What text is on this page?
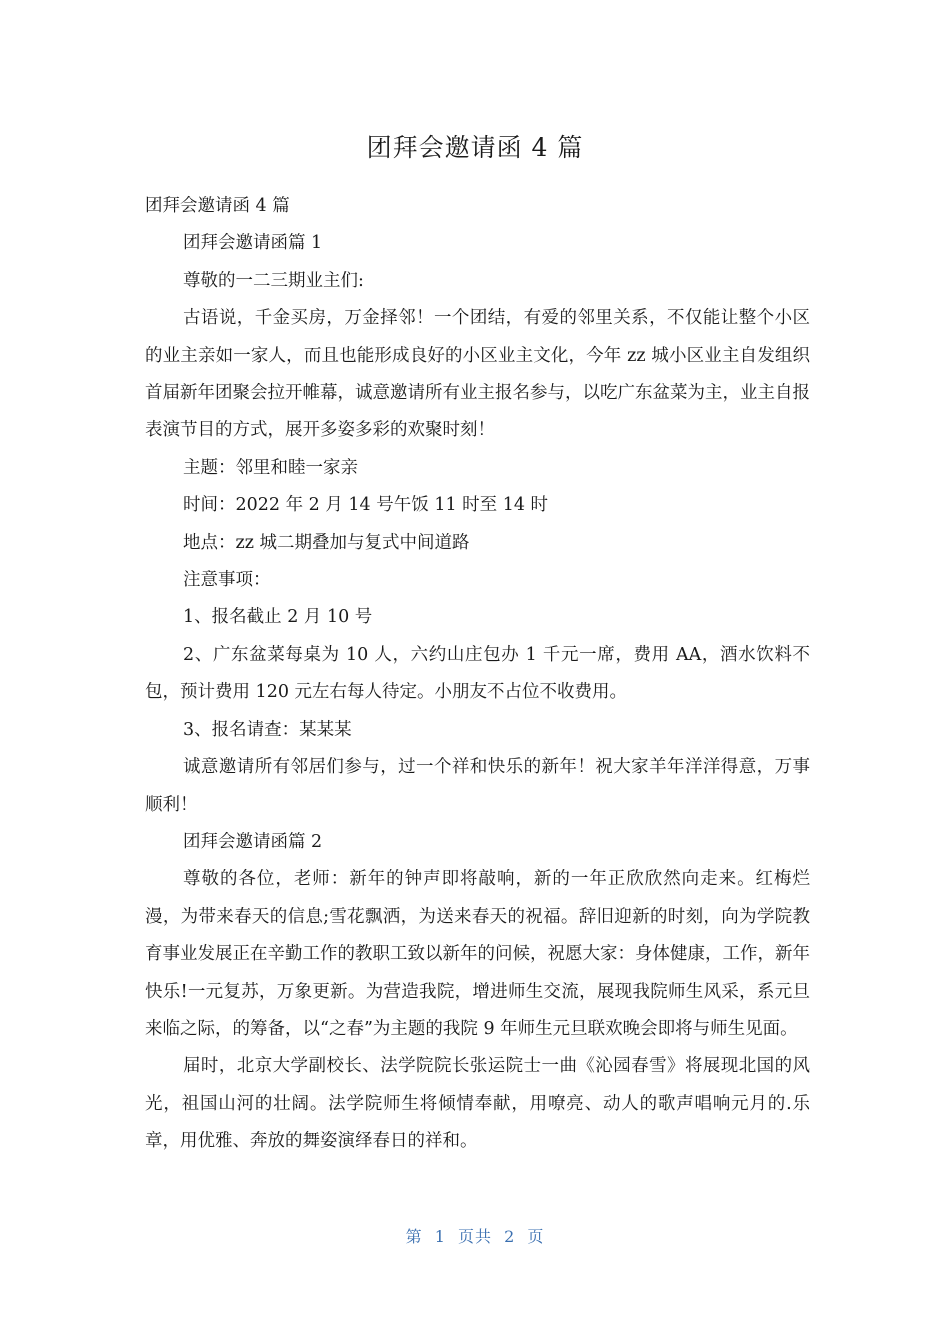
团拜会邀请函 4 篇

团拜会邀请函 4 篇

团拜会邀请函篇 1

尊敬的一二三期业主们:

古语说，千金买房，万金择邻！一个团结，有爱的邻里关系，不仅能让整个小区的业主亲如一家人，而且也能形成良好的小区业主文化，今年 zz 城小区业主自发组织首届新年团聚会拉开帷幕，诚意邀请所有业主报名参与，以吃广东盆菜为主，业主自报表演节目的方式，展开多姿多彩的欢聚时刻！

主题：邻里和睦一家亲

时间：2022 年 2 月 14 号午饭 11 时至 14 时

地点：zz 城二期叠加与复式中间道路

注意事项：

1、报名截止 2 月 10 号

2、广东盆菜每桌为 10 人，六约山庄包办 1 千元一席，费用 AA，酒水饮料不包，预计费用 120 元左右每人待定。小朋友不占位不收费用。

3、报名请查：某某某

诚意邀请所有邻居们参与，过一个祥和快乐的新年！祝大家羊年洋洋得意，万事顺利！

团拜会邀请函篇 2

尊敬的各位，老师：新年的钟声即将敲响，新的一年正欣欣然向走来。红梅烂漫，为带来春天的信息;雪花飘洒，为送来春天的祝福。辞旧迎新的时刻，向为学院教育事业发展正在辛勤工作的教职工致以新年的问候，祝愿大家：身体健康，工作，新年快乐!一元复苏，万象更新。为营造我院，增进师生交流，展现我院师生风采，系元旦来临之际，的筹备，以“之春”为主题的我院 9 年师生元旦联欢晚会即将与师生见面。

届时，北京大学副校长、法学院院长张运院士一曲《沁园春雪》将展现北国的风光，祖国山河的壮阔。法学院师生将倾情奉献，用嘹亮、动人的歌声唱响元月的.乐章，用优雅、奔放的舞姿演绎春日的祥和。

第 1 页共 2 页
